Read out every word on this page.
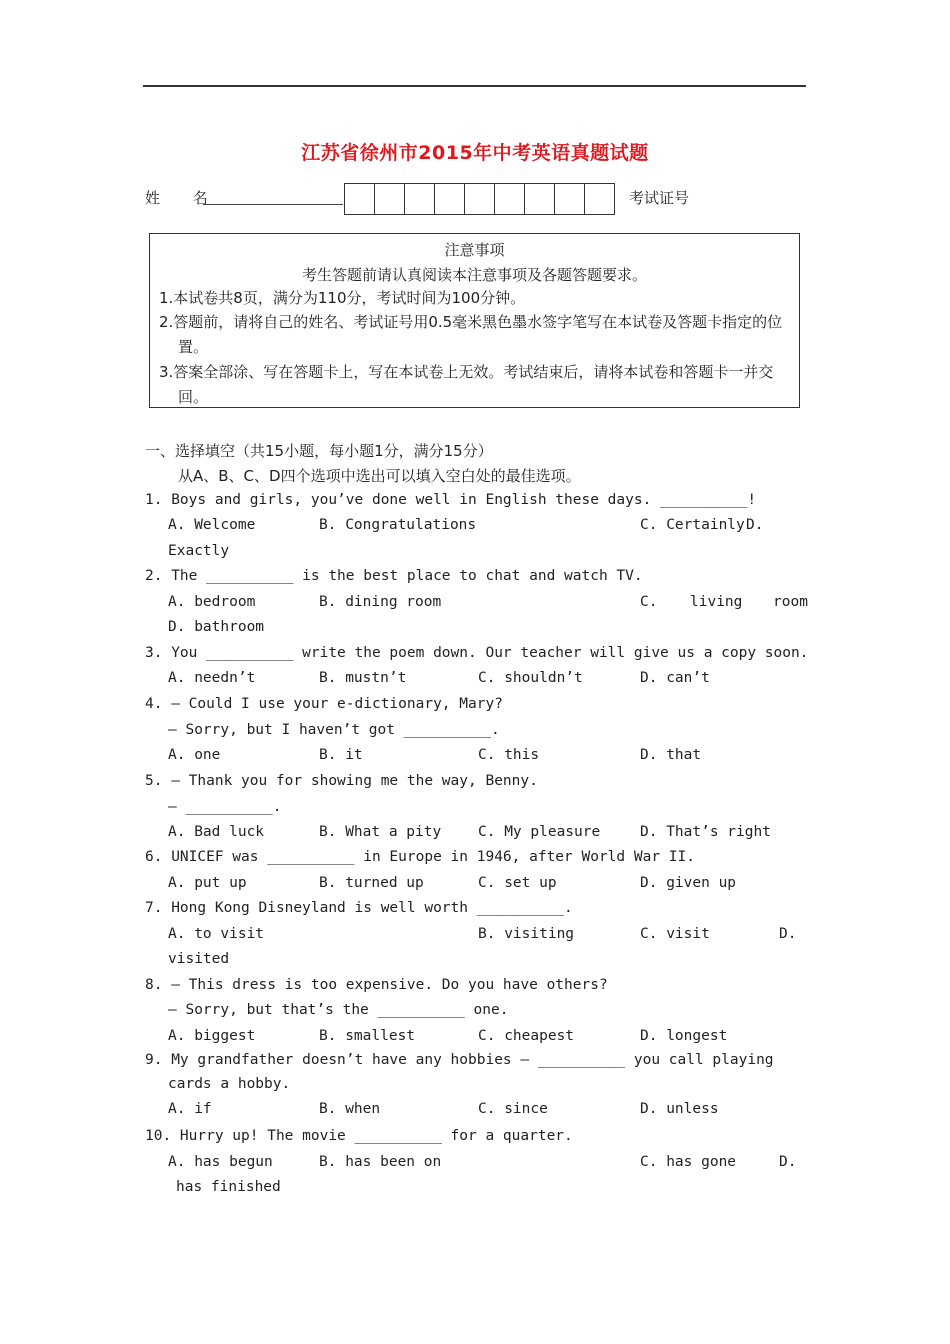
江苏省徐州市2015年中考英语真题试题
姓 名	考试证号
注意事项
考生答题前请认真阅读本注意事项及各题答题要求。
1.本试卷共8页，满分为110分，考试时间为100分钟。
2.答题前，请将自己的姓名、考试证号用0.5毫米黑色墨水签字笔写在本试卷及答题卡指定的位置。
3.答案全部涂、写在答题卡上，写在本试卷上无效。考试结束后，请将本试卷和答题卡一并交回。
一、选择填空（共15小题，每小题1分，满分15分）
从A、B、C、D四个选项中选出可以填入空白处的最佳选项。
1. Boys and girls, you’ve done well in English these days. __________!
A. Welcome	B. Congratulations	C. Certainly D.
Exactly
2. The __________ is the best place to chat and watch TV.
A. bedroom	B. dining room	C. living room
D. bathroom
3. You __________ write the poem down. Our teacher will give us a copy soon.
A. needn’t	B. mustn’t	C. shouldn’t	D. can’t
4. — Could I use your e-dictionary, Mary?
— Sorry, but I haven’t got __________.
A. one	B. it	C. this	D. that
5. — Thank you for showing me the way, Benny.
— __________.
A. Bad luck	B. What a pity	C. My pleasure	D. That’s right
6. UNICEF was __________ in Europe in 1946, after World War II.
A. put up	B. turned up	C. set up	D. given up
7. Hong Kong Disneyland is well worth __________.
A. to visit	B. visiting	C. visit	D.
visited
8. — This dress is too expensive. Do you have others?
— Sorry, but that’s the __________ one.
A. biggest	B. smallest	C. cheapest	D. longest
9. My grandfather doesn’t have any hobbies — __________ you call playing
cards a hobby.
A. if	B. when	C. since	D. unless
10. Hurry up! The movie __________ for a quarter.
A. has begun	B. has been on	C. has gone	D.
has finished
